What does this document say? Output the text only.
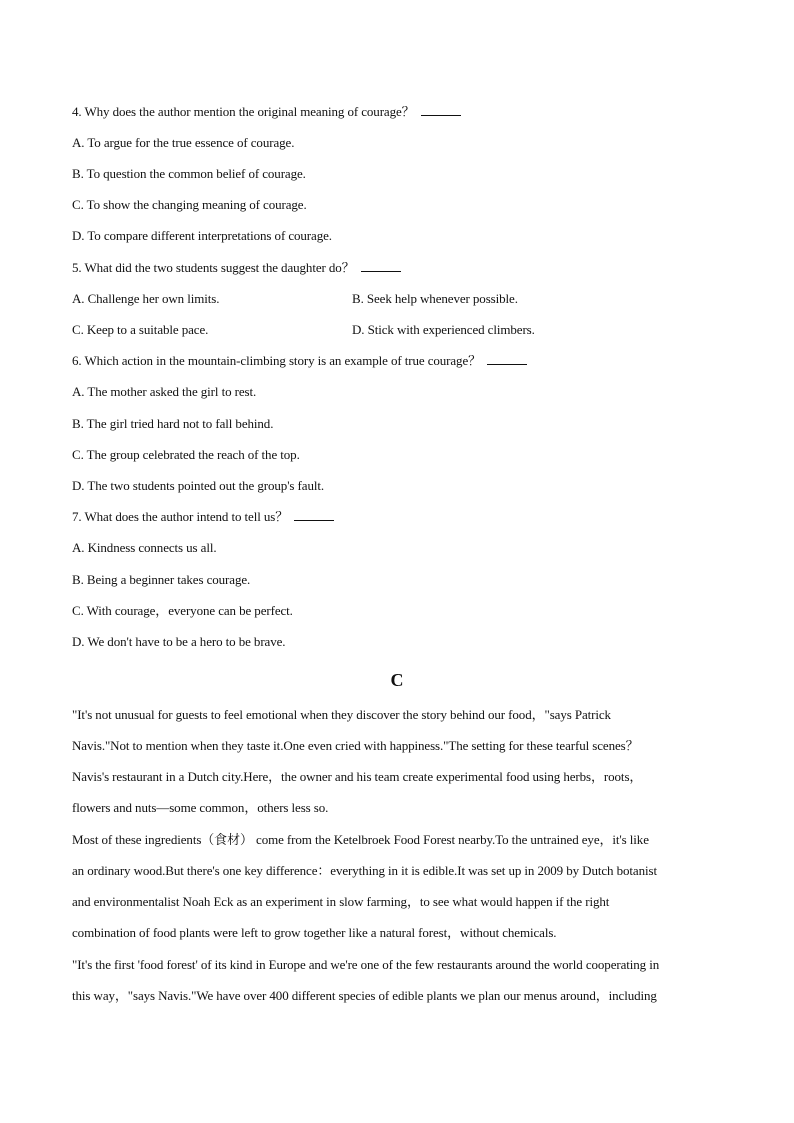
4. Why does the author mention the original meaning of courage？
A. To argue for the true essence of courage.
B. To question the common belief of courage.
C. To show the changing meaning of courage.
D. To compare different interpretations of courage.
5. What did the two students suggest the daughter do？
A. Challenge her own limits.	B. Seek help whenever possible.
C. Keep to a suitable pace.	D. Stick with experienced climbers.
6. Which action in the mountain-climbing story is an example of true courage？
A. The mother asked the girl to rest.
B. The girl tried hard not to fall behind.
C. The group celebrated the reach of the top.
D. The two students pointed out the group's fault.
7. What does the author intend to tell us？
A. Kindness connects us all.
B. Being a beginner takes courage.
C. With courage，everyone can be perfect.
D. We don't have to be a hero to be brave.
C
"It's not unusual for guests to feel emotional when they discover the story behind our food，"says Patrick
Navis."Not to mention when they taste it.One even cried with happiness."The setting for these tearful scenes？
Navis's restaurant in a Dutch city.Here，the owner and his team create experimental food using herbs，roots，
flowers and nuts—some common，others less so.
Most of these ingredients（食材） come from the Ketelbroek Food Forest nearby.To the untrained eye，it's like
an ordinary wood.But there's one key difference：everything in it is edible.It was set up in 2009 by Dutch botanist
and environmentalist Noah Eck as an experiment in slow farming，to see what would happen if the right
combination of food plants were left to grow together like a natural forest，without chemicals.
"It's the first 'food forest' of its kind in Europe and we're one of the few restaurants around the world cooperating in
this way，"says Navis."We have over 400 different species of edible plants we plan our menus around，including
